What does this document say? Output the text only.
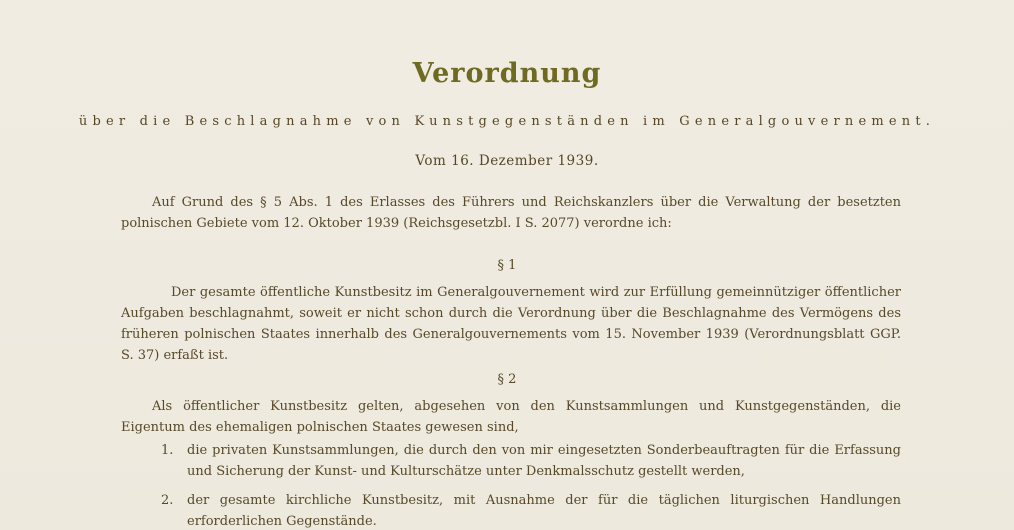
Verordnung
über die Beschlagnahme von Kunstgegenständen im Generalgouvernement.
Vom 16. Dezember 1939.
Auf Grund des § 5 Abs. 1 des Erlasses des Führers und Reichskanzlers über die Verwaltung der besetzten polnischen Gebiete vom 12. Oktober 1939 (Reichsgesetzbl. I S. 2077) verordne ich:
§ 1
Der gesamte öffentliche Kunstbesitz im Generalgouvernement wird zur Erfüllung gemeinnütziger öffentlicher Aufgaben beschlagnahmt, soweit er nicht schon durch die Verordnung über die Beschlagnahme des Vermögens des früheren polnischen Staates innerhalb des Generalgouvernements vom 15. November 1939 (Verordnungsblatt GGP. S. 37) erfaßt ist.
§ 2
Als öffentlicher Kunstbesitz gelten, abgesehen von den Kunstsammlungen und Kunstgegenständen, die Eigentum des ehemaligen polnischen Staates gewesen sind,
1. die privaten Kunstsammlungen, die durch den von mir eingesetzten Sonderbeauftragten für die Erfassung und Sicherung der Kunst- und Kulturschätze unter Denkmalsschutz gestellt werden,
2. der gesamte kirchliche Kunstbesitz, mit Ausnahme der für die täglichen liturgischen Handlungen erforderlichen Gegenstände.
